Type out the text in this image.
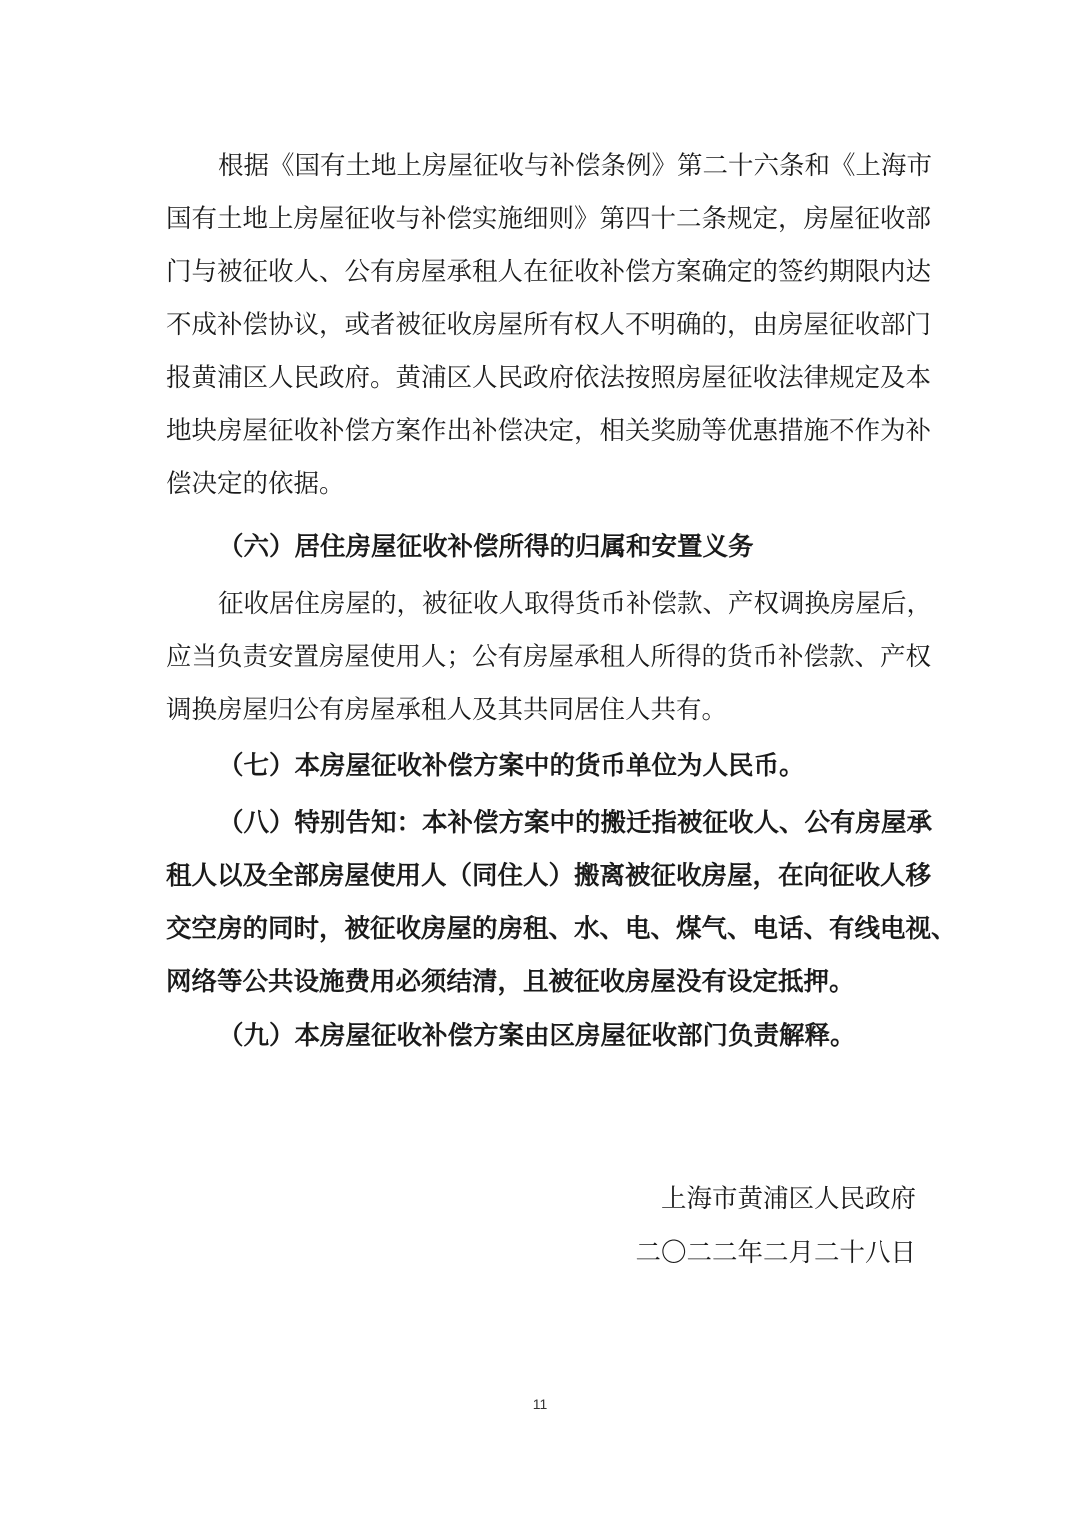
根据《国有土地上房屋征收与补偿条例》第二十六条和《上海市
国有土地上房屋征收与补偿实施细则》第四十二条规定，房屋征收部
门与被征收人、公有房屋承租人在征收补偿方案确定的签约期限内达
不成补偿协议，或者被征收房屋所有权人不明确的，由房屋征收部门
报黄浦区人民政府。黄浦区人民政府依法按照房屋征收法律规定及本
地块房屋征收补偿方案作出补偿决定，相关奖励等优惠措施不作为补
偿决定的依据。
（六）居住房屋征收补偿所得的归属和安置义务
征收居住房屋的，被征收人取得货币补偿款、产权调换房屋后，
应当负责安置房屋使用人；公有房屋承租人所得的货币补偿款、产权
调换房屋归公有房屋承租人及其共同居住人共有。
（七）本房屋征收补偿方案中的货币单位为人民币。
（八）特别告知：本补偿方案中的搬迁指被征收人、公有房屋承
租人以及全部房屋使用人（同住人）搬离被征收房屋，在向征收人移
交空房的同时，被征收房屋的房租、水、电、煤气、电话、有线电视、
网络等公共设施费用必须结清，且被征收房屋没有设定抵押。
（九）本房屋征收补偿方案由区房屋征收部门负责解释。
上海市黄浦区人民政府
二〇二二年二月二十八日
11
